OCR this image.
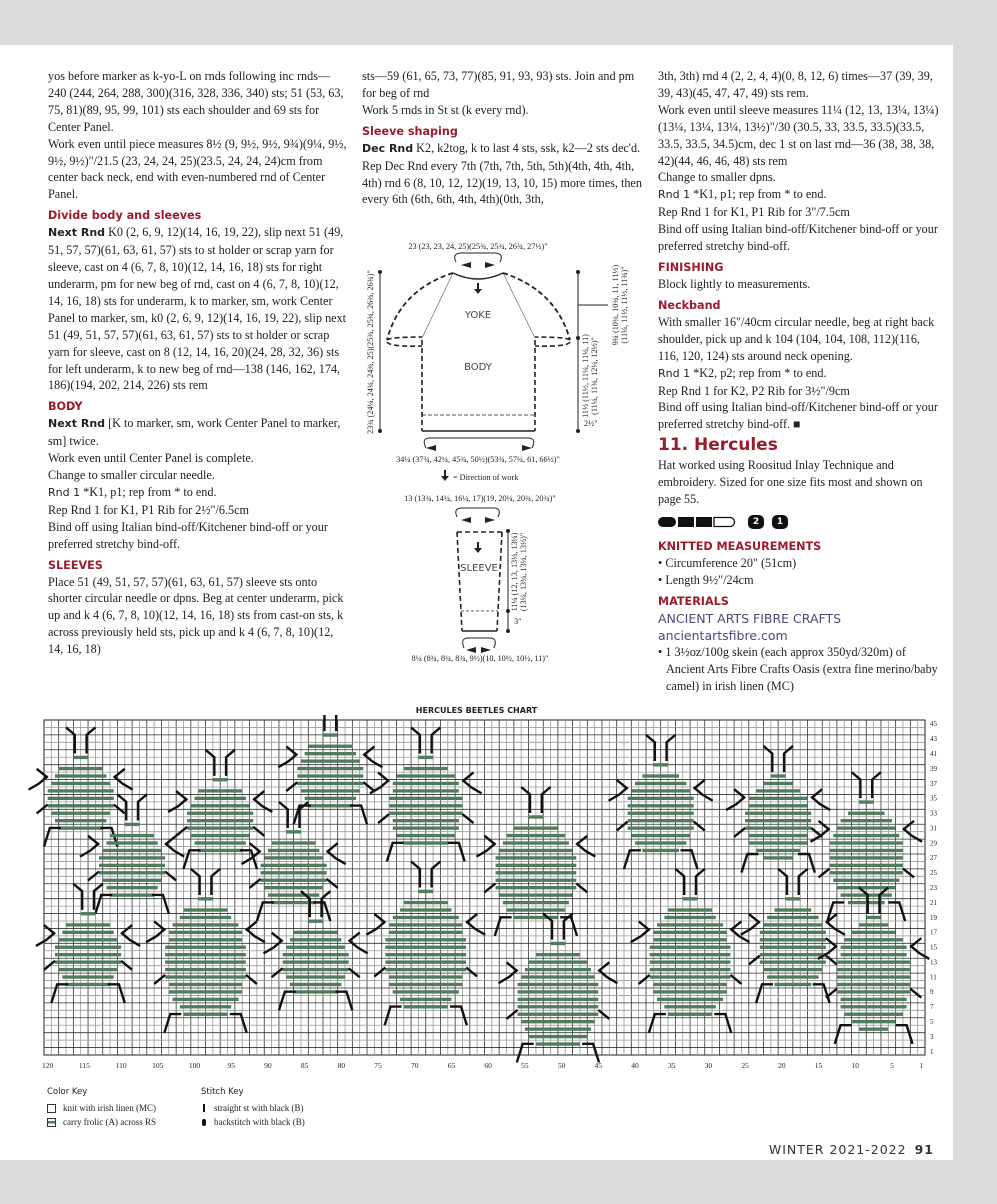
yos before marker as k-yo-L on rnds following inc rnds—240 (244, 264, 288, 300)(316, 328, 336, 340) sts; 51 (53, 63, 75, 81)(89, 95, 99, 101) sts each shoulder and 69 sts for Center Panel.

Work even until piece measures 8½ (9, 9½, 9½, 9¾)(9¼, 9½, 9½, 9½)"/21.5 (23, 24, 24, 25)(23.5, 24, 24, 24)cm from center back neck, end with even-numbered rnd of Center Panel.

Divide body and sleeves

Next Rnd K0 (2, 6, 9, 12)(14, 16, 19, 22), slip next 51 (49, 51, 57, 57)(61, 63, 61, 57) sts to st holder or scrap yarn for sleeve, cast on 4 (6, 7, 8, 10)(12, 14, 16, 18) sts for right underarm, pm for new beg of rnd, cast on 4 (6, 7, 8, 10)(12, 14, 16, 18) sts for underarm, k to marker, sm, work Center Panel to marker, sm, k0 (2, 6, 9, 12)(14, 16, 19, 22), slip next 51 (49, 51, 57, 57)(61, 63, 61, 57) sts to st holder or scrap yarn for sleeve, cast on 8 (12, 14, 16, 20)(24, 28, 32, 36) sts for left underarm, k to new beg of rnd—138 (146, 162, 174, 186)(194, 202, 214, 226) sts rem

BODY

Next Rnd [K to marker, sm, work Center Panel to marker, sm] twice.

Work even until Center Panel is complete.

Change to smaller circular needle.

Rnd 1 *K1, p1; rep from * to end.

Rep Rnd 1 for K1, P1 Rib for 2½"/6.5cm

Bind off using Italian bind-off/Kitchener bind-off or your preferred stretchy bind-off.

SLEEVES

Place 51 (49, 51, 57, 57)(61, 63, 61, 57) sleeve sts onto shorter circular needle or dpns. Beg at center underarm, pick up and k 4 (6, 7, 8, 10)(12, 14, 16, 18) sts from cast-on sts, k across previously held sts, pick up and k 4 (6, 7, 8, 10)(12, 14, 16, 18)

sts—59 (61, 65, 73, 77)(85, 91, 93, 93) sts. Join and pm for beg of rnd

Work 5 rnds in St st (k every rnd).

Sleeve shaping

Dec Rnd K2, k2tog, k to last 4 sts, ssk, k2—2 sts dec'd.

Rep Dec Rnd every 7th (7th, 7th, 5th, 5th)(4th, 4th, 4th, 4th) rnd 6 (8, 10, 12, 12)(19, 13, 10, 15) more times, then every 6th (6th, 6th, 4th, 4th)(0th, 3th,

3th, 3th) rnd 4 (2, 2, 4, 4)(0, 8, 12, 6) times—37 (39, 39, 39, 43)(45, 47, 47, 49) sts rem.

Work even until sleeve measures 11¼ (12, 13, 13¼, 13¼)(13¼, 13¼, 13¼, 13½)"/30 (30.5, 33, 33.5, 33.5)(33.5, 33.5, 33.5, 34.5)cm, dec 1 st on last rnd—36 (38, 38, 38, 42)(44, 46, 46, 48) sts rem

Change to smaller dpns.

Rnd 1 *K1, p1; rep from * to end.

Rep Rnd 1 for K1, P1 Rib for 3"/7.5cm

Bind off using Italian bind-off/Kitchener bind-off or your preferred stretchy bind-off.

FINISHING

Block lightly to measurements.

Neckband

With smaller 16"/40cm circular needle, beg at right back shoulder, pick up and k 104 (104, 104, 108, 112)(116, 116, 120, 124) sts around neck opening.

Rnd 1 *K2, p2; rep from * to end.

Rep Rnd 1 for K2, P2 Rib for 3½"/9cm

Bind off using Italian bind-off/Kitchener bind-off or your preferred stretchy bind-off. ■

11. Hercules

Hat worked using Roositud Inlay Technique and embroidery. Sized for one size fits most and shown on page 55.

2	1

KNITTED MEASUREMENTS

• Circumference 20" (51cm)

• Length 9½"/24cm

MATERIALS

ANCIENT ARTS FIBRE CRAFTS

ancientartsfibre.com

• 1 3½oz/100g skein (each approx 350yd/320m) of Ancient Arts Fibre Crafts Oasis (extra fine merino/baby camel) in irish linen (MC)

23 (23, 23, 24, 25)(25¾, 25¾, 26¾, 27½)"
YOKE
BODY
23¾ (24¼, 24¾, 24¾, 25)(25¾, 25¾, 26¾, 26¾)"	9¾ (10¼, 10¾, 11, 11½) (11¼, 11½, 11½, 11¾)"
11½ (11½, 11¼, 11¼, 11) (11¼, 11¾, 12¼, 12½)"
2½"
34¼ (37¾, 42¼, 45¾, 50½)(53¾, 57¼, 61, 66½)"
= Direction of work
13 (13¾, 14¼, 16¼, 17)(19, 20¼, 20¾, 20¾)"
SLEEVE 11¼ (12, 13, 13¼, 13¼) (13¼, 13¼, 13¼, 13½)"
3"
8¼ (8¾, 8¾, 8¾, 9½)(10, 10½, 10½, 11)"
HERCULES BEETLES CHART
120	115	110	105	100	95	90	85	80	75	70	65	60	55	50	45	40	35	30	25	20	15	10	5	1
45
43
41
39
37
35
33
31
29
27
25
23
21
19
17
15
13
11
9
7
5
3
1
Color Key
knit with irish linen (MC)
carry frolic (A) across RS
Stitch Key
straight st with black (B)
backstitch with black (B)
WINTER 2021-2022 91
